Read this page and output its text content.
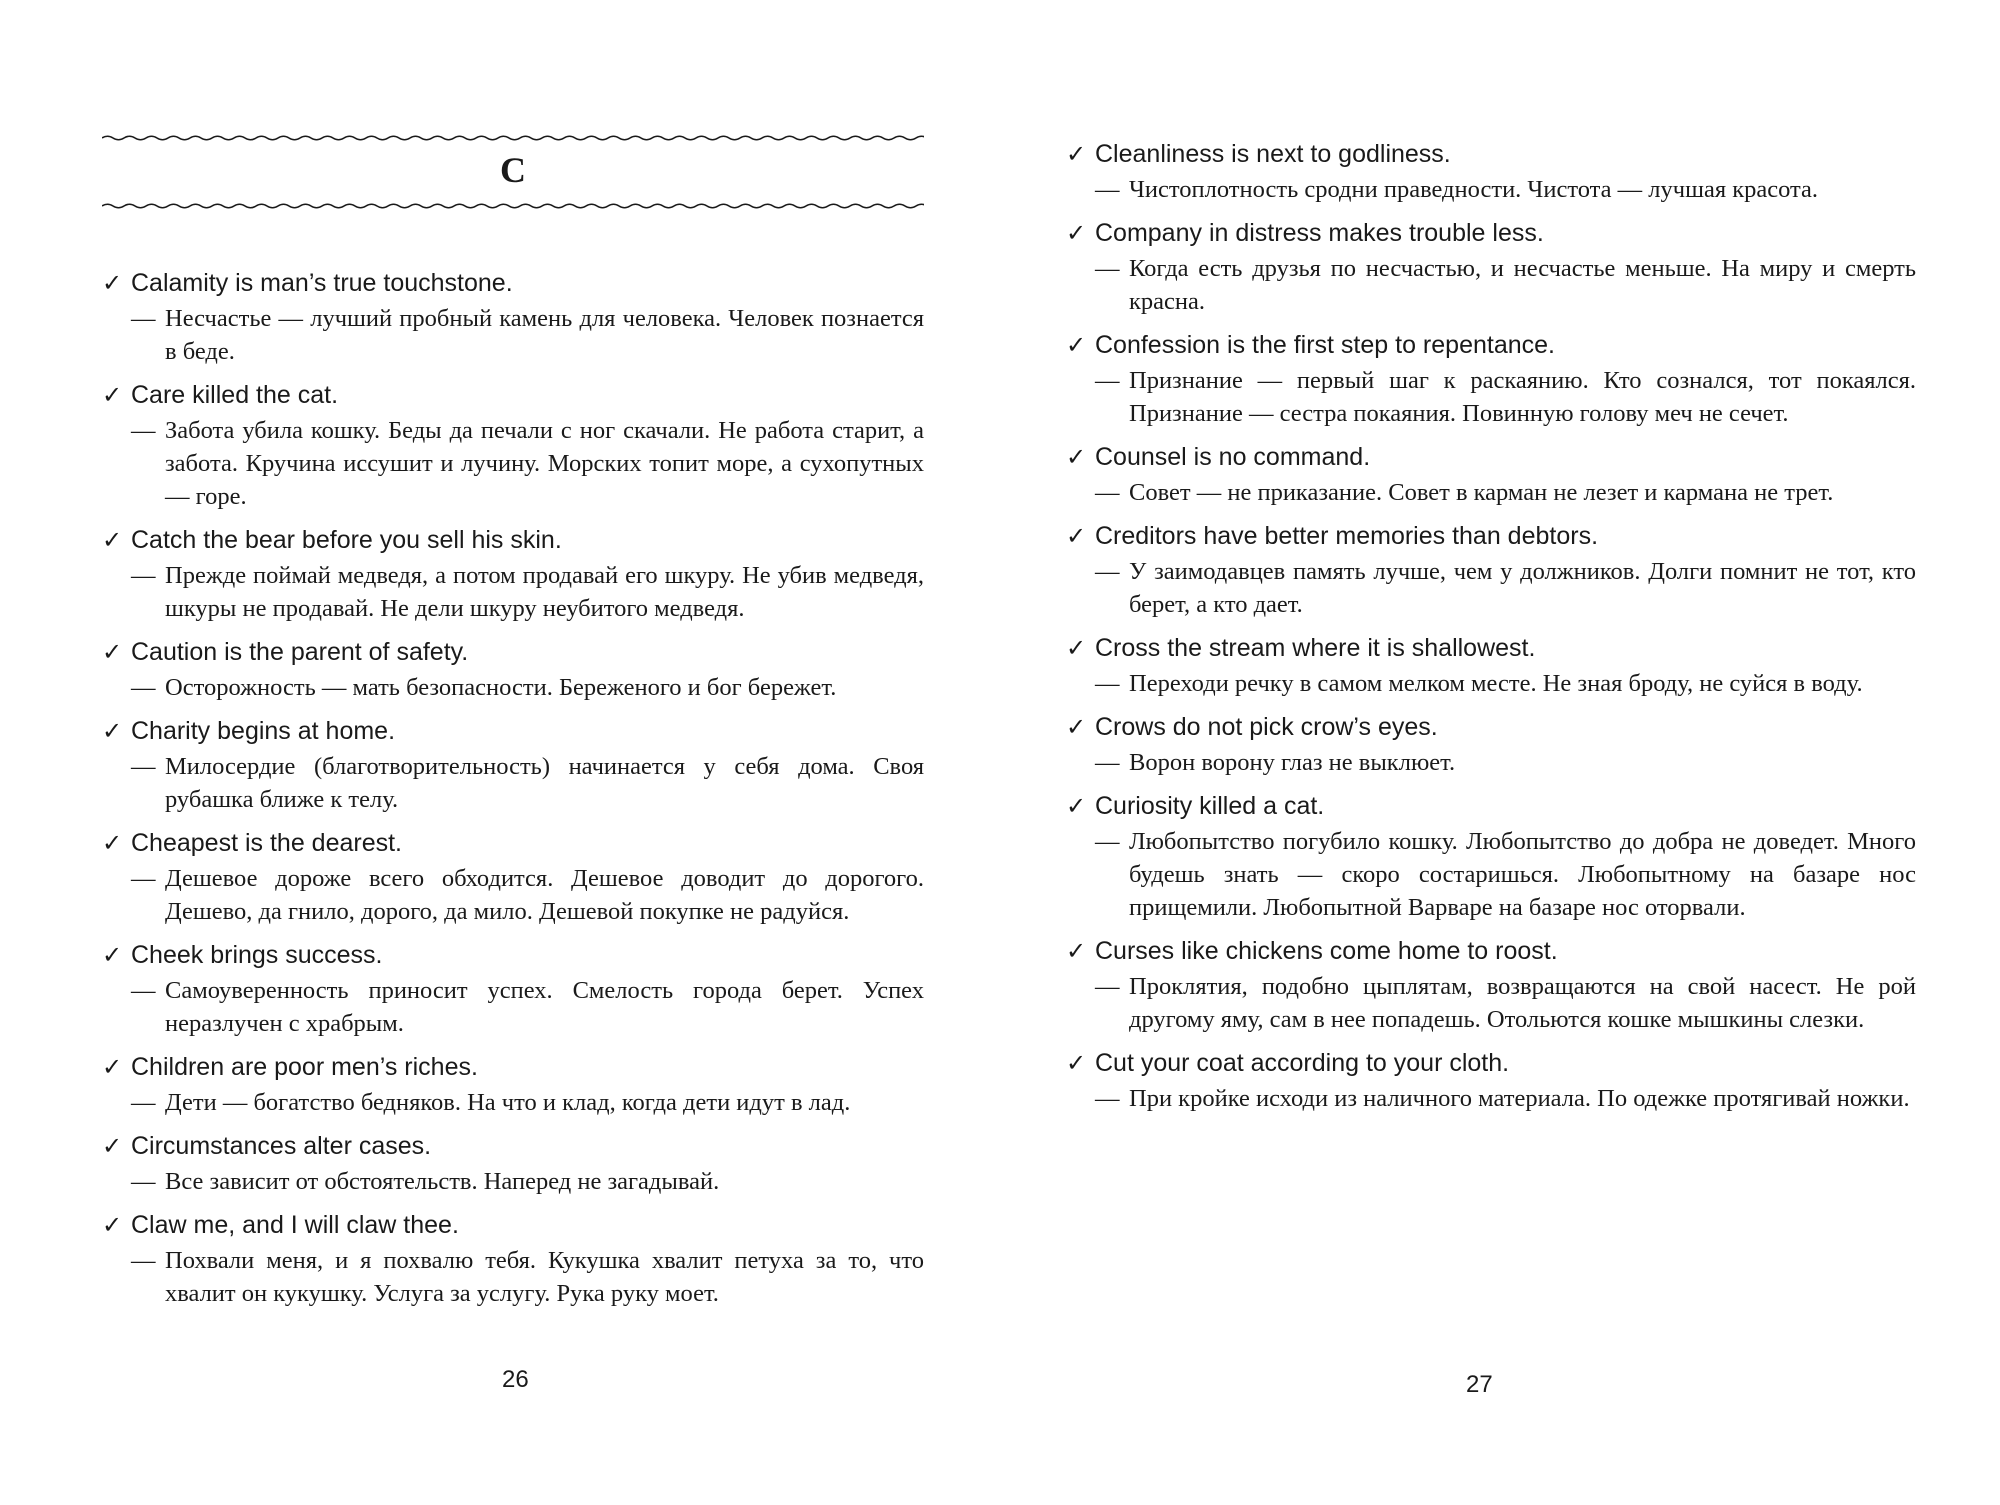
C
✓ Calamity is man’s true touchstone.
— Несчастье — лучший пробный камень для человека. Человек познается в беде.
✓ Care killed the cat.
— Забота убила кошку. Беды да печали с ног скачали. Не работа старит, а забота. Кручина иссушит и лучину. Морских топит море, а сухопутных — горе.
✓ Catch the bear before you sell his skin.
— Прежде поймай медведя, а потом продавай его шкуру. Не убив медведя, шкуры не продавай. Не дели шкуру неубитого медведя.
✓ Caution is the parent of safety.
— Осторожность — мать безопасности. Береженого и бог бережет.
✓ Charity begins at home.
— Милосердие (благотворительность) начинается у себя дома. Своя рубашка ближе к телу.
✓ Cheapest is the dearest.
— Дешевое дороже всего обходится. Дешевое доводит до дорогого. Дешево, да гнило, дорого, да мило. Дешевой покупке не радуйся.
✓ Cheek brings success.
— Самоуверенность приносит успех. Смелость города берет. Успех неразлучен с храбрым.
✓ Children are poor men’s riches.
— Дети — богатство бедняков. На что и клад, когда дети идут в лад.
✓ Circumstances alter cases.
— Все зависит от обстоятельств. Наперед не загадывай.
✓ Claw me, and I will claw thee.
— Похвали меня, и я похвалю тебя. Кукушка хвалит петуха за то, что хвалит он кукушку. Услуга за услугу. Рука руку моет.
26
✓ Cleanliness is next to godliness.
— Чистоплотность сродни праведности. Чистота — лучшая красота.
✓ Company in distress makes trouble less.
— Когда есть друзья по несчастью, и несчастье меньше. На миру и смерть красна.
✓ Confession is the first step to repentance.
— Признание — первый шаг к раскаянию. Кто сознался, тот покаялся. Признание — сестра покаяния. Повинную голову меч не сечет.
✓ Counsel is no command.
— Совет — не приказание. Совет в карман не лезет и кармана не трет.
✓ Creditors have better memories than debtors.
— У заимодавцев память лучше, чем у должников. Долги помнит не тот, кто берет, а кто дает.
✓ Cross the stream where it is shallowest.
— Переходи речку в самом мелком месте. Не зная броду, не суйся в воду.
✓ Crows do not pick crow’s eyes.
— Ворон ворону глаз не выклюет.
✓ Curiosity killed a cat.
— Любопытство погубило кошку. Любопытство до добра не доведет. Много будешь знать — скоро состаришься. Любопытному на базаре нос прищемили. Любопытной Варваре на базаре нос оторвали.
✓ Curses like chickens come home to roost.
— Проклятия, подобно цыплятам, возвращаются на свой насест. Не рой другому яму, сам в нее попадешь. Отольются кошке мышкины слезки.
✓ Cut your coat according to your cloth.
— При кройке исходи из наличного материала. По одежке протягивай ножки.
27
